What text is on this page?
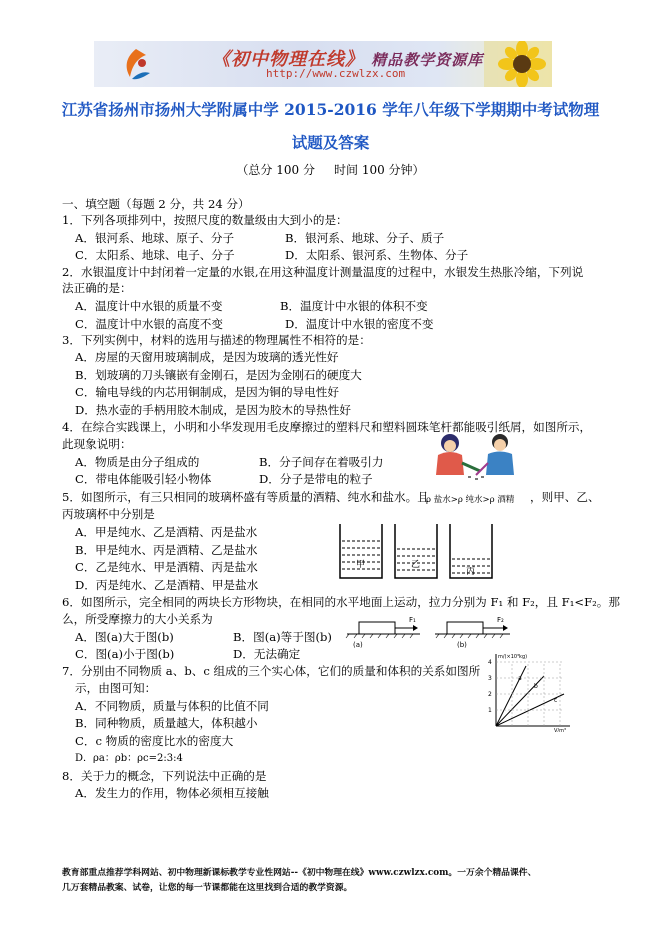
《初中物理在线》 精品教学资源库
http://www.czwlzx.com
江苏省扬州市扬州大学附属中学 2015-2016 学年八年级下学期期中考试物理
试题及答案
（总分 100 分     时间 100 分钟）
一、填空题（每题 2 分，共 24 分）
1．下列各项排列中，按照尺度的数量级由大到小的是：
A．银河系、地球、原子、分子	B．银河系、地球、分子、质子
C．太阳系、地球、电子、分子	D．太阳系、银河系、生物体、分子
2．水银温度计中封闭着一定量的水银,在用这种温度计测量温度的过程中，水银发生热胀冷缩，下列说
法正确的是：
A．温度计中水银的质量不变	B．温度计中水银的体积不变
C．温度计中水银的高度不变	D．温度计中水银的密度不变
3．下列实例中，材料的选用与描述的物理属性不相符的是：
A．房屋的天窗用玻璃制成，是因为玻璃的透光性好
B．划玻璃的刀头镶嵌有金刚石，是因为金刚石的硬度大
C．输电导线的内芯用铜制成，是因为铜的导电性好
D．热水壶的手柄用胶木制成，是因为胶木的导热性好
4．在综合实践课上，小明和小华发现用毛皮摩擦过的塑料尺和塑料圆珠笔杆都能吸引纸屑，如图所示，
此现象说明：
A．物质是由分子组成的	B．分子间存在着吸引力
C．带电体能吸引轻小物体	D．分子是带电的粒子
5．如图所示，有三只相同的玻璃杯盛有等质量的酒精、纯水和盐水。且
ρ 盐水>ρ 纯水>ρ 酒精 ，则甲、乙、
丙玻璃杯中分别是
A．甲是纯水、乙是酒精、丙是盐水
B．甲是纯水、丙是酒精、乙是盐水
C．乙是纯水、甲是酒精、丙是盐水
D．丙是纯水、乙是酒精、甲是盐水
甲	乙
丙
6．如图所示，完全相同的两块长方形物块，在相同的水平地面上运动，拉力分别为 F₁ 和 F₂，且 F₁<F₂。那
么，所受摩擦力的大小关系为
A．图(a)大于图(b)	B．图(a)等于图(b)
C．图(a)小于图(b)	D．无法确定
F₁	F₂
(a)	(b)
7．分别由不同物质 a、b、c 组成的三个实心体，它们的质量和体积的关系如图所
示，由图可知：
A．不同物质，质量与体积的比值不同
B．同种物质，质量越大，体积越小
C．c 物质的密度比水的密度大
D．ρa：ρb：ρc=2:3:4
m/(×10³kg)
4
3
2
1
a
b
c
V/m³
8．关于力的概念，下列说法中正确的是
A．发生力的作用，物体必须相互接触
教育部重点推荐学科网站、初中物理新课标教学专业性网站--《初中物理在线》www.czwlzx.com。一万余个精品课件、
几万套精品教案、试卷，让您的每一节课都能在这里找到合适的教学资源。
